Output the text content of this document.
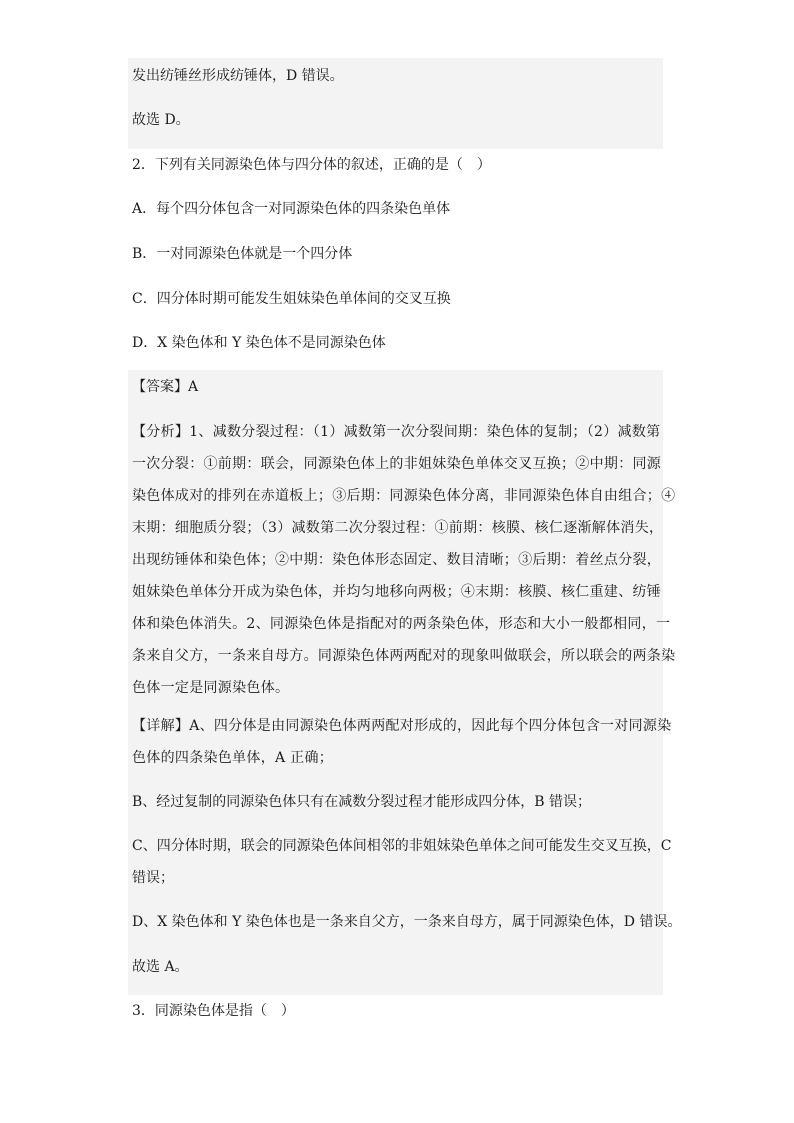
发出纺锤丝形成纺锤体，D 错误。
故选 D。
2．下列有关同源染色体与四分体的叙述，正确的是（　）
A．每个四分体包含一对同源染色体的四条染色单体
B．一对同源染色体就是一个四分体
C．四分体时期可能发生姐妹染色单体间的交叉互换
D．X 染色体和 Y 染色体不是同源染色体
【答案】A
【分析】1、减数分裂过程：（1）减数第一次分裂间期：染色体的复制；（2）减数第
一次分裂：①前期：联会，同源染色体上的非姐妹染色单体交叉互换；②中期：同源
染色体成对的排列在赤道板上；③后期：同源染色体分离，非同源染色体自由组合；④
末期：细胞质分裂；（3）减数第二次分裂过程：①前期：核膜、核仁逐渐解体消失，
出现纺锤体和染色体；②中期：染色体形态固定、数目清晰；③后期：着丝点分裂，
姐妹染色单体分开成为染色体，并均匀地移向两极；④末期：核膜、核仁重建、纺锤
体和染色体消失。2、同源染色体是指配对的两条染色体，形态和大小一般都相同，一
条来自父方，一条来自母方。同源染色体两两配对的现象叫做联会，所以联会的两条染
色体一定是同源染色体。
【详解】A、四分体是由同源染色体两两配对形成的，因此每个四分体包含一对同源染
色体的四条染色单体，A 正确；
B、经过复制的同源染色体只有在减数分裂过程才能形成四分体，B 错误；
C、四分体时期，联会的同源染色体间相邻的非姐妹染色单体之间可能发生交叉互换，C
错误；
D、X 染色体和 Y 染色体也是一条来自父方，一条来自母方，属于同源染色体，D 错误。
故选 A。
3．同源染色体是指（　）
